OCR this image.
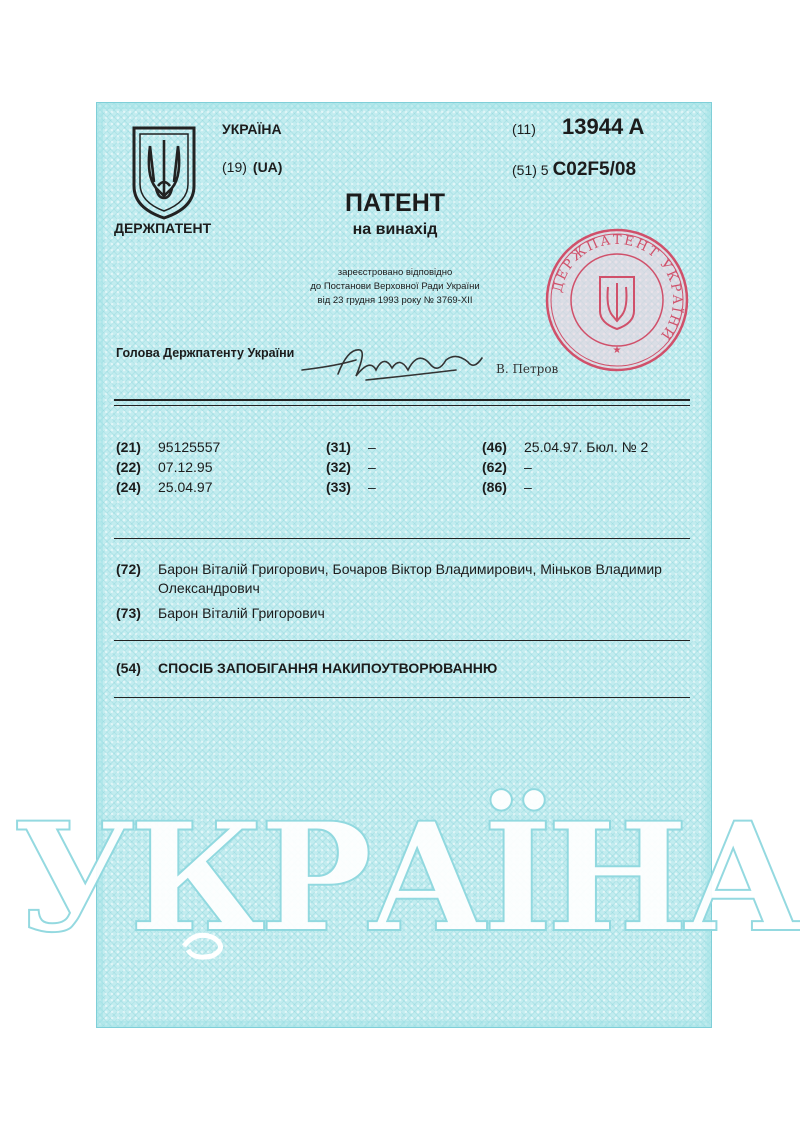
УКРАЇНА
(19) (UA)
ДЕРЖПАТЕНТ
(11) 13944 A
(51) 5 C02F5/08
ПАТЕНТ
на винахід
зареєстровано відповідно
до Постанови Верховної Ради України
від 23 грудня 1993 року № 3769-XII
ДЕРЖПАТЕНТ УКРАЇНИ
★
Голова Держпатенту України
В. Петров
(21) 95125557
(22) 07.12.95
(24) 25.04.97
(31) –
(32) –
(33) –
(46) 25.04.97. Бюл. № 2
(62) –
(86) –
(72) Барон Віталій Григорович, Бочаров Віктор Владимирович, Міньков Владимир Олександрович
(73) Барон Віталій Григорович
(54) СПОСІБ ЗАПОБІГАННЯ НАКИПОУТВОРЮВАННЮ
УКРАЇНА
